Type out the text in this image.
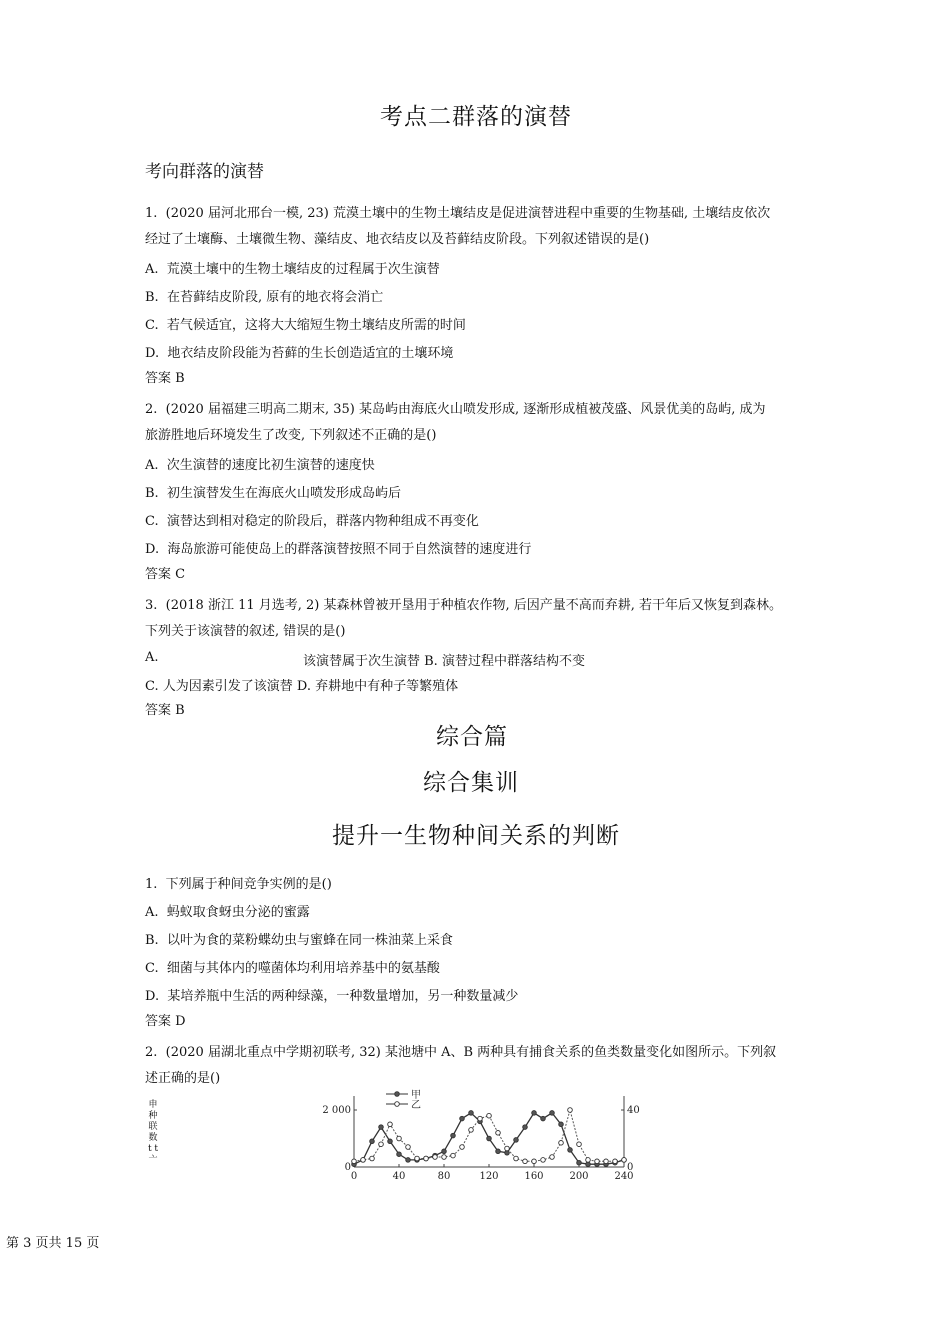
考点二群落的演替
考向群落的演替
1.  (2020 届河北邢台一模, 23) 荒漠土壤中的生物土壤结皮是促进演替进程中重要的生物基础, 土壤结皮依次
经过了土壤酶、土壤微生物、藻结皮、地衣结皮以及苔藓结皮阶段。下列叙述错误的是()
A.  荒漠土壤中的生物土壤结皮的过程属于次生演替
B.  在苔藓结皮阶段, 原有的地衣将会消亡
C.  若气候适宜，这将大大缩短生物土壤结皮所需的时间
D.  地衣结皮阶段能为苔藓的生长创造适宜的土壤环境
答案 B
2.  (2020 届福建三明高二期末, 35) 某岛屿由海底火山喷发形成, 逐渐形成植被茂盛、风景优美的岛屿, 成为
旅游胜地后环境发生了改变, 下列叙述不正确的是()
A.  次生演替的速度比初生演替的速度快
B.  初生演替发生在海底火山喷发形成岛屿后
C.  演替达到相对稳定的阶段后，群落内物种组成不再变化
D.  海岛旅游可能使岛上的群落演替按照不同于自然演替的速度进行
答案 C
3.  (2018 浙江 11 月选考, 2) 某森林曾被开垦用于种植农作物, 后因产量不高而弃耕, 若干年后又恢复到森林。
下列关于该演替的叙述, 错误的是()
A.	该演替属于次生演替 B. 演替过程中群落结构不变
C. 人为因素引发了该演替 D. 弃耕地中有种子等繁殖体
答案 B
综合篇
综合集训
提升一生物种间关系的判断
1.  下列属于种间竞争实例的是()
A.  蚂蚁取食蚜虫分泌的蜜露
B.  以叶为食的菜粉蝶幼虫与蜜蜂在同一株油菜上采食
C.  细菌与其体内的噬菌体均利用培养基中的氨基酸
D.  某培养瓶中生活的两种绿藻，一种数量增加，另一种数量减少
答案 D
2.  (2020 届湖北重点中学期初联考, 32) 某池塘中 A、B 两种具有捕食关系的鱼类数量变化如图所示。下列叙
述正确的是()
申种联数t t 亠
0	40	80	120	160	200	240
0
2 000
0
40
甲
乙
第 3 页共 15 页
